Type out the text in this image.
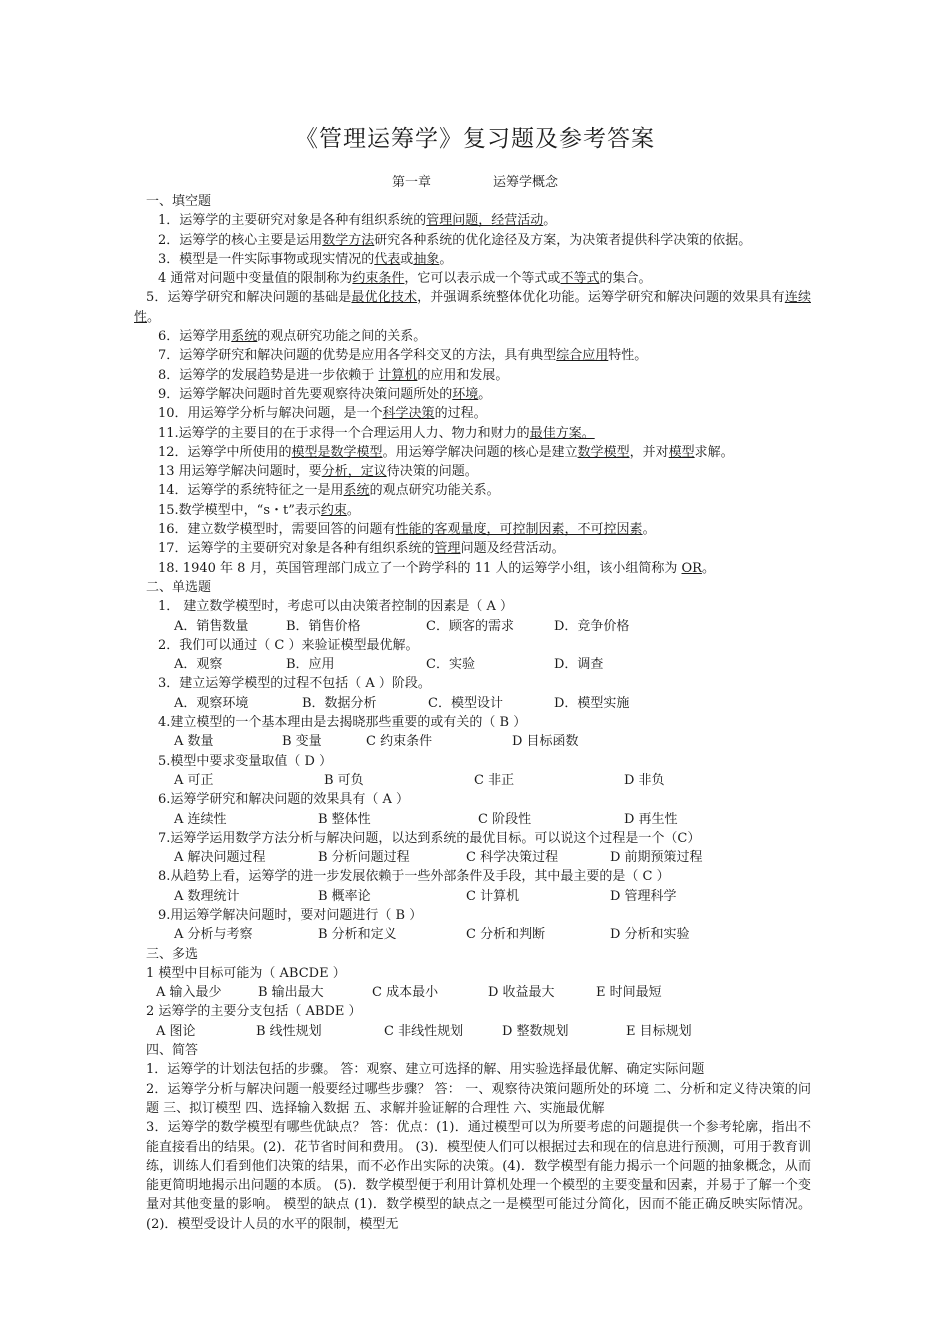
《管理运筹学》复习题及参考答案
第一章	运筹学概念
一、填空题
1．运筹学的主要研究对象是各种有组织系统的管理问题，经营活动。
2．运筹学的核心主要是运用数学方法研究各种系统的优化途径及方案，为决策者提供科学决策的依据。
3．模型是一件实际事物或现实情况的代表或抽象。
4 通常对问题中变量值的限制称为约束条件，它可以表示成一个等式或不等式的集合。
5．运筹学研究和解决问题的基础是最优化技术，并强调系统整体优化功能。运筹学研究和解决问题的效果具有连续性。
6．运筹学用系统的观点研究功能之间的关系。
7．运筹学研究和解决问题的优势是应用各学科交叉的方法，具有典型综合应用特性。
8．运筹学的发展趋势是进一步依赖于 计算机的应用和发展。
9．运筹学解决问题时首先要观察待决策问题所处的环境。
10．用运筹学分析与解决问题，是一个科学决策的过程。
11.运筹学的主要目的在于求得一个合理运用人力、物力和财力的最佳方案。
12．运筹学中所使用的模型是数学模型。用运筹学解决问题的核心是建立数学模型，并对模型求解。
13 用运筹学解决问题时，要分析，定议待决策的问题。
14．运筹学的系统特征之一是用系统的观点研究功能关系。
15.数学模型中，“s・t”表示约束。
16．建立数学模型时，需要回答的问题有性能的客观量度，可控制因素，不可控因素。
17．运筹学的主要研究对象是各种有组织系统的管理问题及经营活动。
18. 1940 年 8 月，英国管理部门成立了一个跨学科的 11 人的运筹学小组，该小组简称为 OR。
二、单选题
1． 建立数学模型时，考虑可以由决策者控制的因素是（ A ）
A．销售数量	B．销售价格	C．顾客的需求	D．竞争价格
2．我们可以通过（ C ）来验证模型最优解。
A．观察	B．应用	C．实验	D．调查
3．建立运筹学模型的过程不包括（ A ）阶段。
A．观察环境	B．数据分析	C．模型设计	D．模型实施
4.建立模型的一个基本理由是去揭晓那些重要的或有关的（ B ）
A 数量	B 变量	C 约束条件	D 目标函数
5.模型中要求变量取值（ D ）
A 可正	B 可负	C 非正	D 非负
6.运筹学研究和解决问题的效果具有（ A ）
A 连续性	B 整体性	C 阶段性	D 再生性
7.运筹学运用数学方法分析与解决问题，以达到系统的最优目标。可以说这个过程是一个（C）
A 解决问题过程	B 分析问题过程	C 科学决策过程	D 前期预策过程
8.从趋势上看，运筹学的进一步发展依赖于一些外部条件及手段，其中最主要的是（ C ）
A 数理统计	B 概率论	C 计算机	D 管理科学
9.用运筹学解决问题时，要对问题进行（ B ）
A 分析与考察	B 分析和定义	C 分析和判断	D 分析和实验
三、多选
1 模型中目标可能为（ ABCDE ）
A 输入最少	B 输出最大	C 成本最小	D 收益最大	E 时间最短
2 运筹学的主要分支包括（ ABDE ）
A 图论	B 线性规划	C 非线性规划	D 整数规划	E 目标规划
四、简答
1．运筹学的计划法包括的步骤。 答：观察、建立可选择的解、用实验选择最优解、确定实际问题
2．运筹学分析与解决问题一般要经过哪些步骤？ 答： 一、观察待决策问题所处的环境 二、分析和定义待决策的问题 三、拟订模型 四、选择输入数据 五、求解并验证解的合理性 六、实施最优解
3．运筹学的数学模型有哪些优缺点？ 答：优点：(1)．通过模型可以为所要考虑的问题提供一个参考轮廓，指出不能直接看出的结果。(2)．花节省时间和费用。 (3)．模型使人们可以根据过去和现在的信息进行预测，可用于教育训练，训练人们看到他们决策的结果，而不必作出实际的决策。(4)．数学模型有能力揭示一个问题的抽象概念，从而能更简明地揭示出问题的本质。 (5)．数学模型便于利用计算机处理一个模型的主要变量和因素，并易于了解一个变量对其他变量的影响。 模型的缺点 (1)．数学模型的缺点之一是模型可能过分简化，因而不能正确反映实际情况。 (2)．模型受设计人员的水平的限制，模型无
